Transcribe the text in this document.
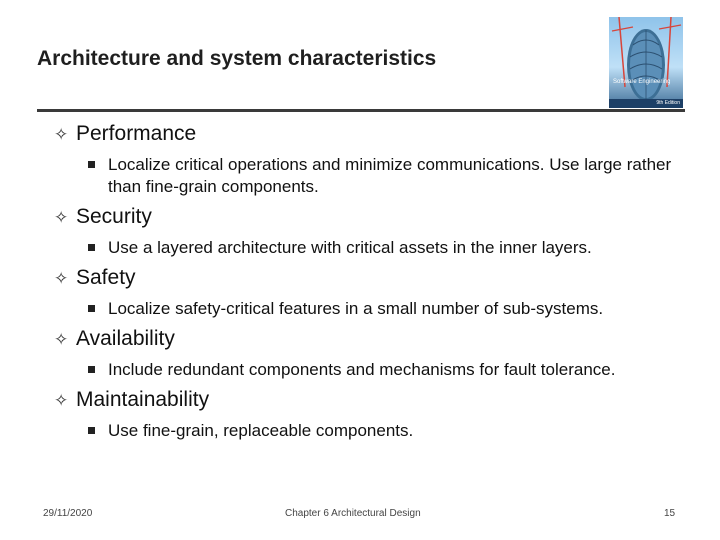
Architecture and system characteristics
Software Engineering
9th Edition
✧ Performance
Localize critical operations and minimize communications. Use large rather than fine-grain components.
✧ Security
Use a layered architecture with critical assets in the inner layers.
✧ Safety
Localize safety-critical features in a small number of sub-systems.
✧ Availability
Include redundant components and mechanisms for fault tolerance.
✧ Maintainability
Use fine-grain, replaceable components.
29/11/2020	Chapter 6 Architectural Design	15
